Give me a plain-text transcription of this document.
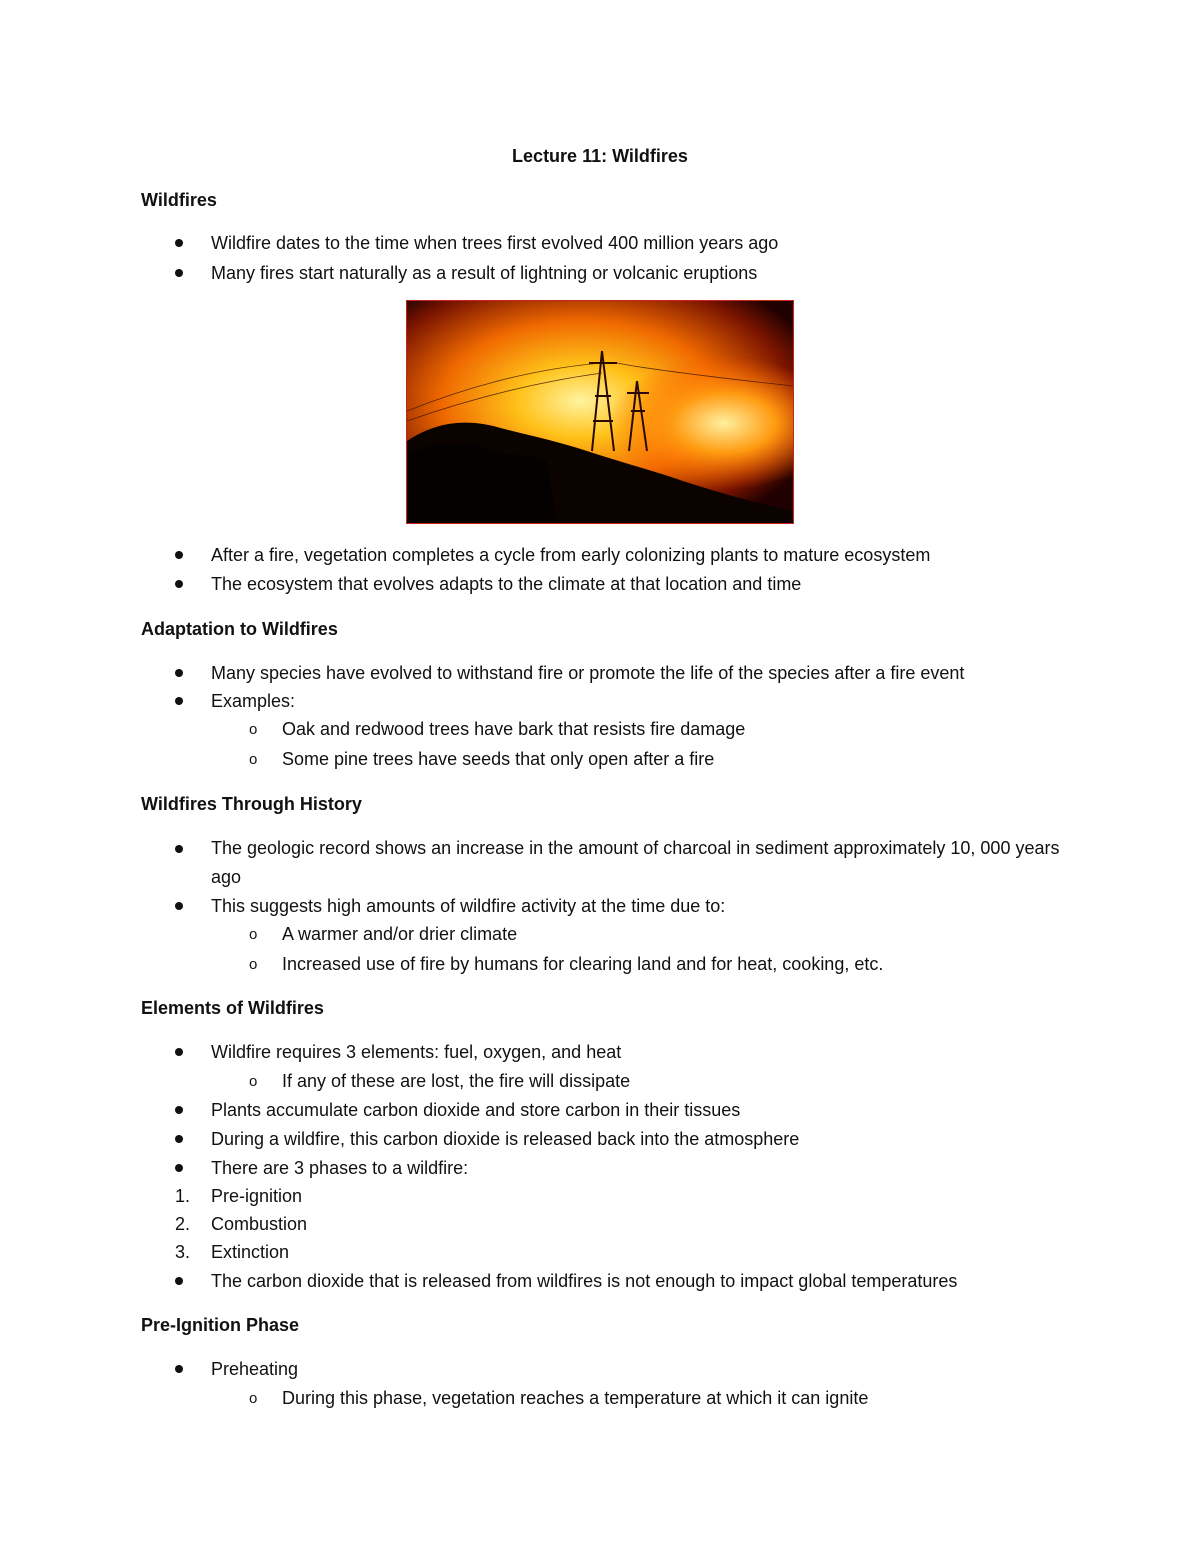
Lecture 11: Wildfires
Wildfires
Wildfire dates to the time when trees first evolved 400 million years ago
Many fires start naturally as a result of lightning or volcanic eruptions
After a fire, vegetation completes a cycle from early colonizing plants to mature ecosystem
The ecosystem that evolves adapts to the climate at that location and time
Adaptation to Wildfires
Many species have evolved to withstand fire or promote the life of the species after a fire event
Examples:
o Oak and redwood trees have bark that resists fire damage
o Some pine trees have seeds that only open after a fire
Wildfires Through History
The geologic record shows an increase in the amount of charcoal in sediment approximately 10, 000 years ago
This suggests high amounts of wildfire activity at the time due to:
o A warmer and/or drier climate
o Increased use of fire by humans for clearing land and for heat, cooking, etc.
Elements of Wildfires
Wildfire requires 3 elements: fuel, oxygen, and heat
o If any of these are lost, the fire will dissipate
Plants accumulate carbon dioxide and store carbon in their tissues
During a wildfire, this carbon dioxide is released back into the atmosphere
There are 3 phases to a wildfire:
1. Pre-ignition
2. Combustion
3. Extinction
The carbon dioxide that is released from wildfires is not enough to impact global temperatures
Pre-Ignition Phase
Preheating
o During this phase, vegetation reaches a temperature at which it can ignite
